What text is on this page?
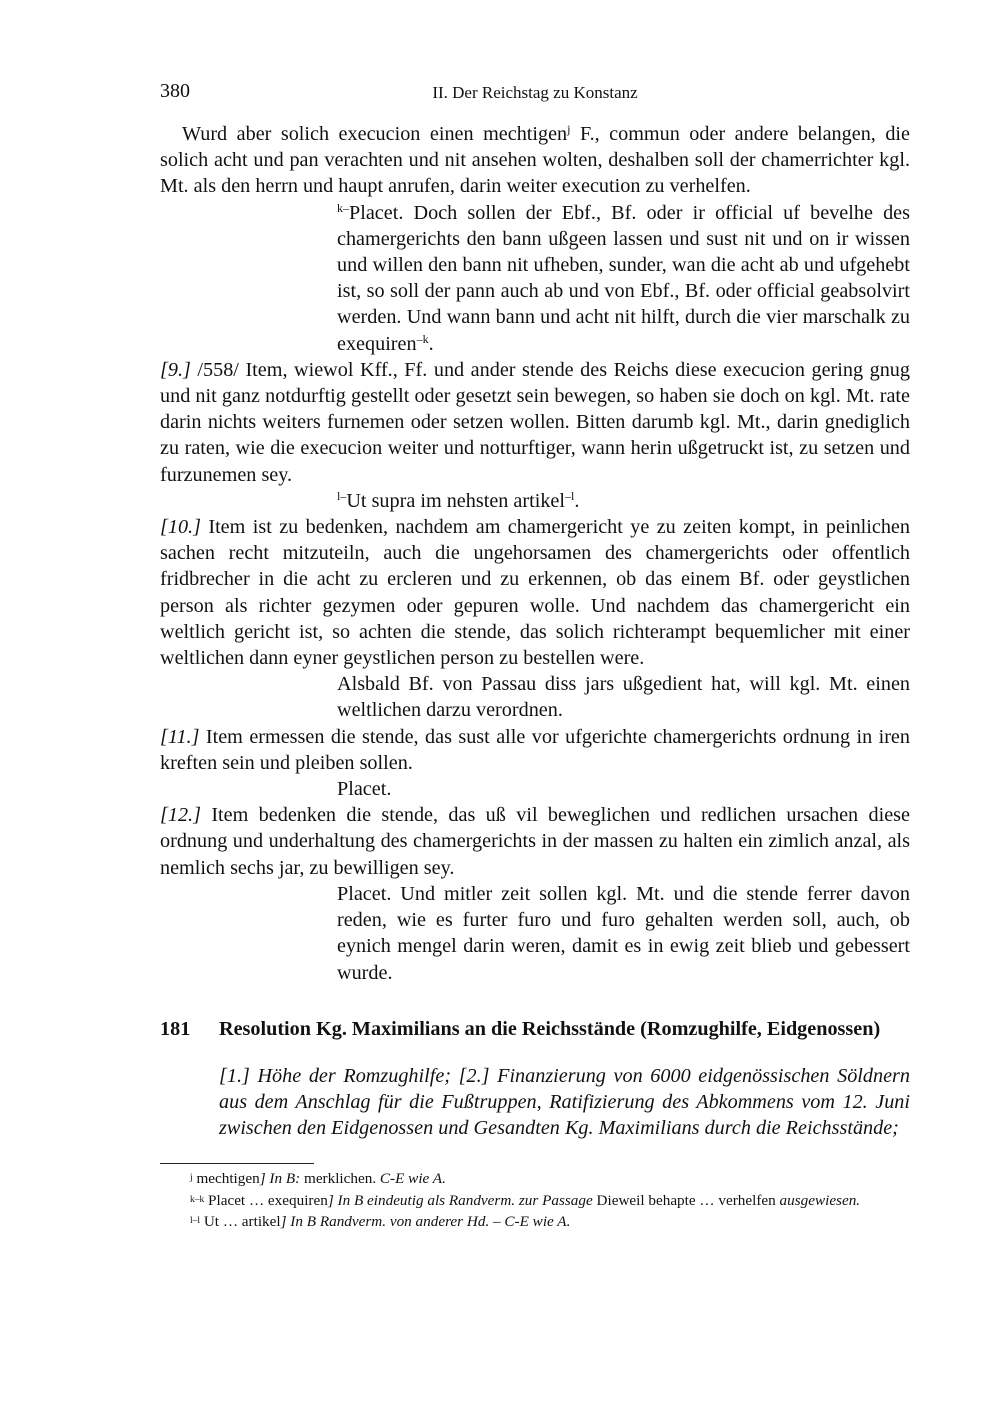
380	II. Der Reichstag zu Konstanz

Wurd aber solich execucion einen mechtigen$^j$ F., commun oder andere belangen, die solich acht und pan verachten und nit ansehen wolten, deshalben soll der chamerrichter kgl. Mt. als den herrn und haupt anrufen, darin weiter execution zu verhelfen.

$^{k-}$Placet. Doch sollen der Ebf., Bf. oder ir official uf bevelhe des chamergerichts den bann ußgeen lassen und sust nit und on ir wissen und willen den bann nit ufheben, sunder, wan die acht ab und ufgehebt ist, so soll der pann auch ab und von Ebf., Bf. oder official geabsolvirt werden. Und wann bann und acht nit hilft, durch die vier marschalk zu exequiren$^{-k}$.

[9.] /558/ Item, wiewol Kff., Ff. und ander stende des Reichs diese execucion gering gnug und nit ganz notdurftig gestellt oder gesetzt sein bewegen, so haben sie doch on kgl. Mt. rate darin nichts weiters furnemen oder setzen wollen. Bitten darumb kgl. Mt., darin gnediglich zu raten, wie die execucion weiter und notturftiger, wann herin ußgetruckt ist, zu setzen und furzunemen sey.

$^{l-}$Ut supra im nehsten artikel$^{-l}$.

[10.] Item ist zu bedenken, nachdem am chamergericht ye zu zeiten kompt, in peinlichen sachen recht mitzuteiln, auch die ungehorsamen des chamergerichts oder offentlich fridbrecher in die acht zu ercleren und zu erkennen, ob das einem Bf. oder geystlichen person als richter gezymen oder gepuren wolle. Und nachdem das chamergericht ein weltlich gericht ist, so achten die stende, das solich richterampt bequemlicher mit einer weltlichen dann eyner geystlichen person zu bestellen were.

Alsbald Bf. von Passau diss jars ußgedient hat, will kgl. Mt. einen weltlichen darzu verordnen.

[11.] Item ermessen die stende, das sust alle vor ufgerichte chamergerichts ordnung in iren kreften sein und pleiben sollen.

Placet.

[12.] Item bedenken die stende, das uß vil beweglichen und redlichen ursachen diese ordnung und underhaltung des chamergerichts in der massen zu halten ein zimlich anzal, als nemlich sechs jar, zu bewilligen sey.

Placet. Und mitler zeit sollen kgl. Mt. und die stende ferrer davon reden, wie es furter furo und furo gehalten werden soll, auch, ob eynich mengel darin weren, damit es in ewig zeit blieb und gebessert wurde.

181 Resolution Kg. Maximilians an die Reichsstände (Romzughilfe, Eidgenossen)

[1.] Höhe der Romzughilfe; [2.] Finanzierung von 6000 eidgenössischen Söldnern aus dem Anschlag für die Fußtruppen, Ratifizierung des Abkommens vom 12. Juni zwischen den Eidgenossen und Gesandten Kg. Maximilians durch die Reichsstände;

j mechtigen] In B: merklichen. C-E wie A.

k–k Placet … exequiren] In B eindeutig als Randverm. zur Passage Dieweil behapte … verhelfen ausgewiesen.

l–l Ut … artikel] In B Randverm. von anderer Hd. – C-E wie A.
